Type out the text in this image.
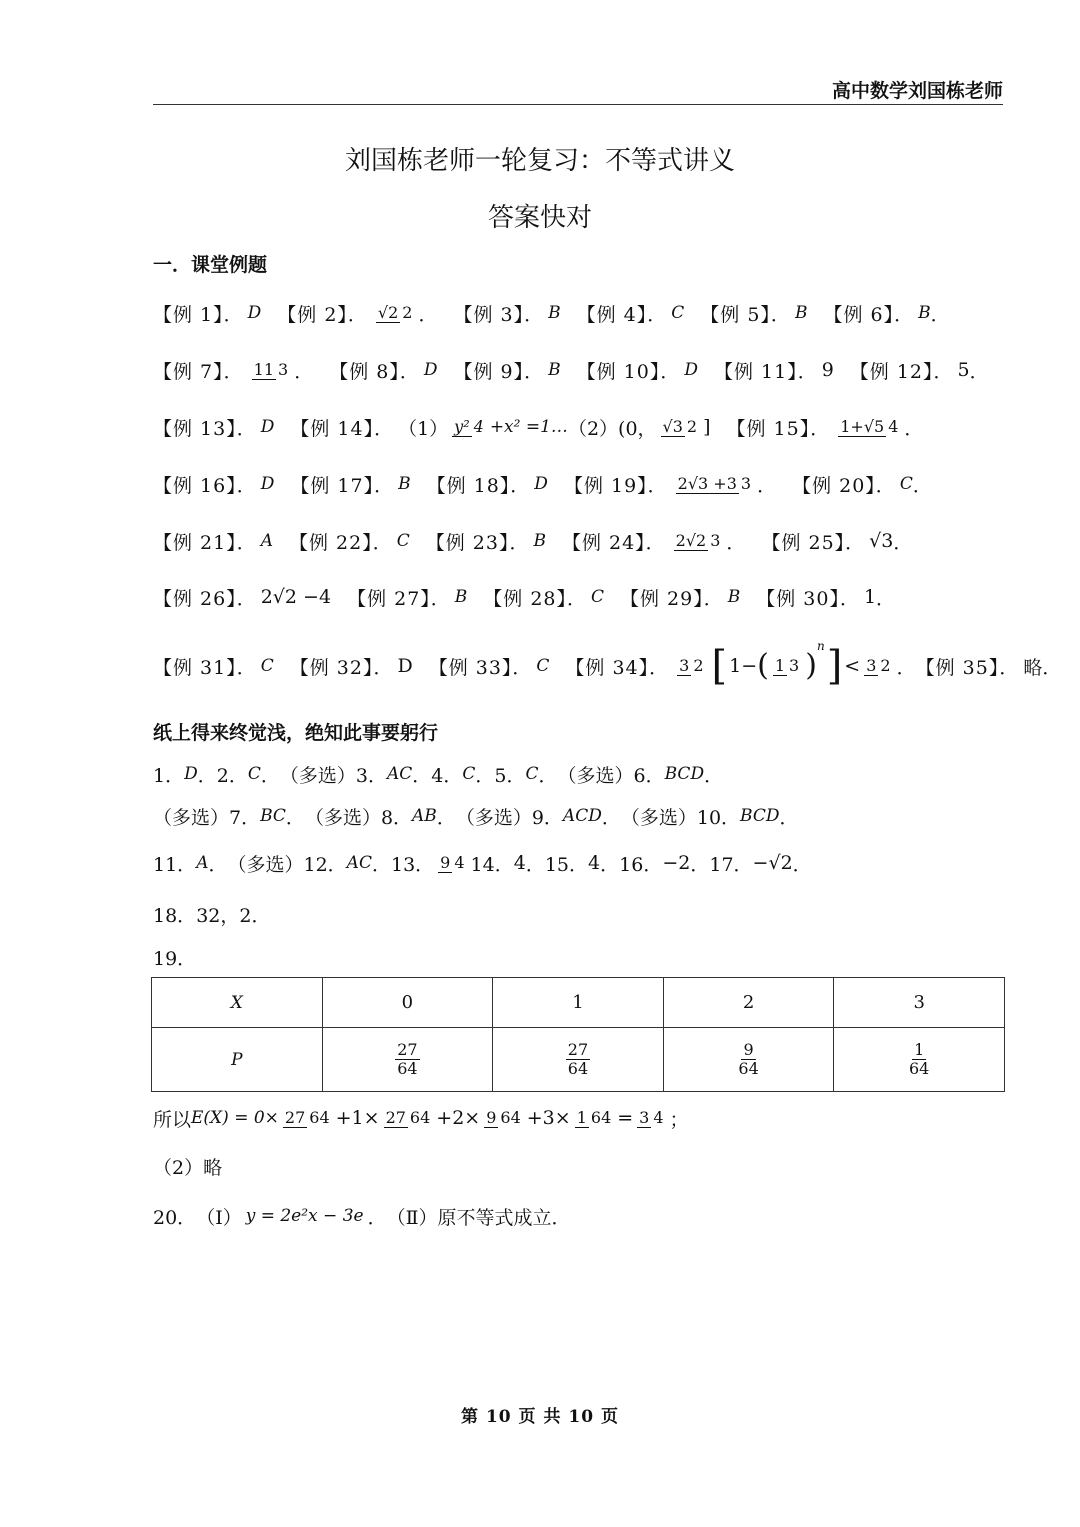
高中数学刘国栋老师
刘国栋老师一轮复习：不等式讲义
答案快对
一．课堂例题
【例 1】． D 【例 2】． √2 2 ． 【例 3】． B 【例 4】． C 【例 5】． B 【例 6】． B ．
【例 7】． 11 3 ． 【例 8】． D 【例 9】． B 【例 10】． D 【例 11】． 9 【例 12】． 5 ．
【例 13】． D 【例 14】． （1） y² 4 +x² =1… （2）(0， √3 2 ] 【例 15】． 1+√5 4 ．
【例 16】． D 【例 17】． B 【例 18】． D 【例 19】． 2√3 +3 3 ． 【例 20】． C ．
【例 21】． A 【例 22】． C 【例 23】． B 【例 24】． 2√2 3 ． 【例 25】． √3 ．
【例 26】． 2√2 −4 【例 27】． B 【例 28】． C 【例 29】． B 【例 30】． 1 ．
【例 31】． C 【例 32】． D 【例 33】． C 【例 34】． 3 2 [ 1− ( 1 3 )
$^n$ ] < 3 2 ． 【例 35】． 略 ．
纸上得来终觉浅，绝知此事要躬行
1． D ． 2． C ． （多选）3． AC ． 4． C ． 5． C ． （多选）6． BCD ．
（多选）7． BC ． （多选）8． AB ． （多选）9． ACD ． （多选）10． BCD ．
11． A ． （多选）12． AC ． 13． 9 4 14． 4 ． 15． 4 ． 16． −2 ． 17． −√2 ．
18． 32，2 ．
19．
X	0	1	2	3
P	$\frac{27}{64}$	$\frac{27}{64}$	$\frac{9}{64}$	$\frac{1}{64}$
所以 E(X) = 0× 27 64 +1× 27 64 +2× 9 64 +3× 1 64 = 3 4 ；
（2）略
20． （Ⅰ） y = 2e²x − 3e ． （Ⅱ）原不等式成立 ．
第 10 页 共 10 页
